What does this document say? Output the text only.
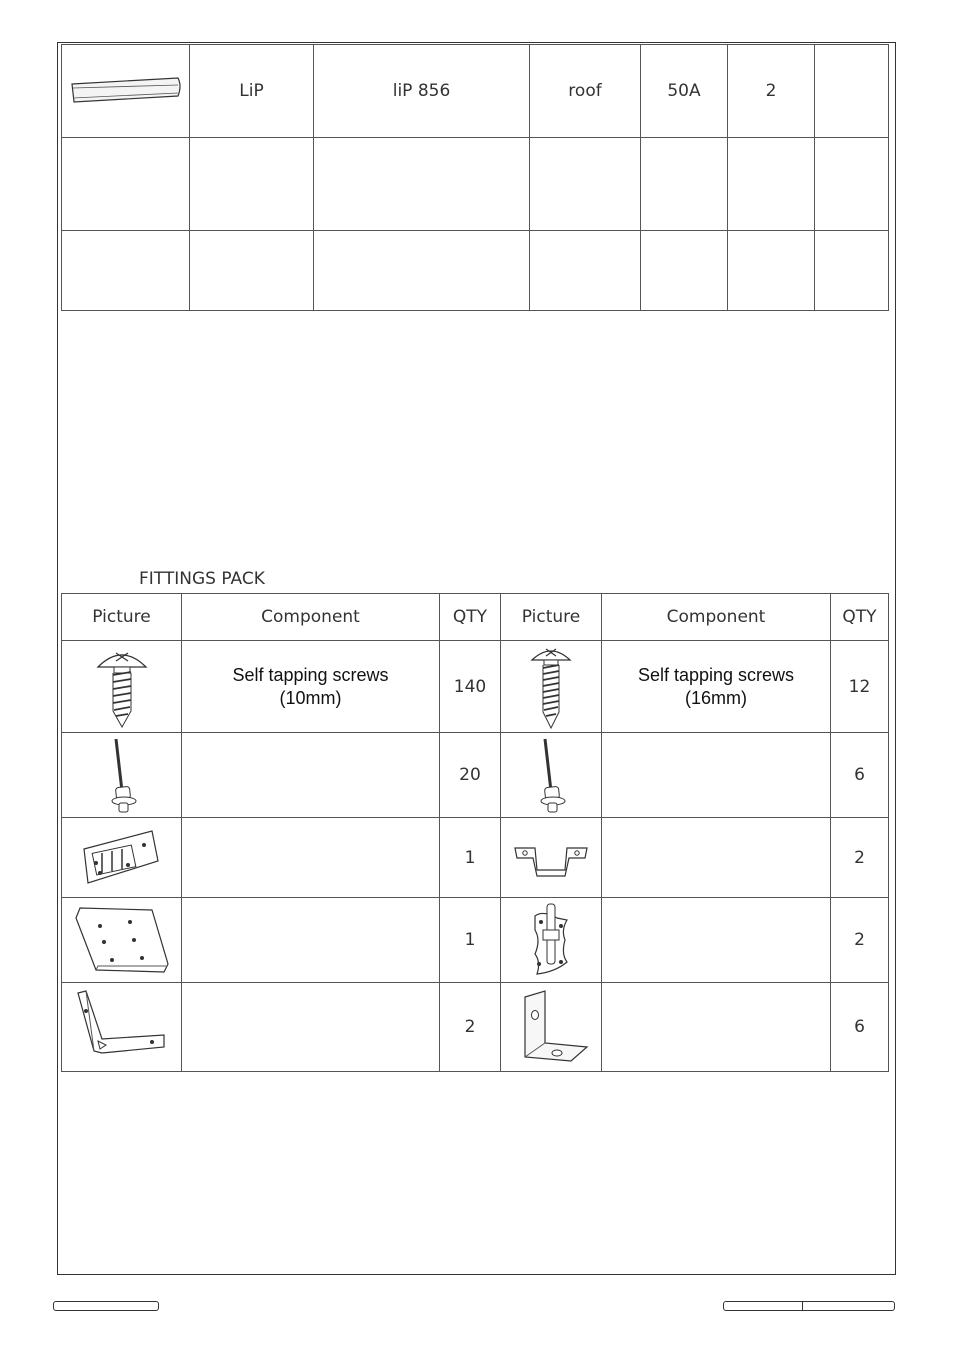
	LiP	liP 856	roof	50A	2	

FITTINGS PACK
Picture	Component	QTY	Picture	Component	QTY

	Self tapping screws
(10mm)	140		Self tapping screws
(16mm)	12

		20			6

		1			2

		1			2

		2			6
